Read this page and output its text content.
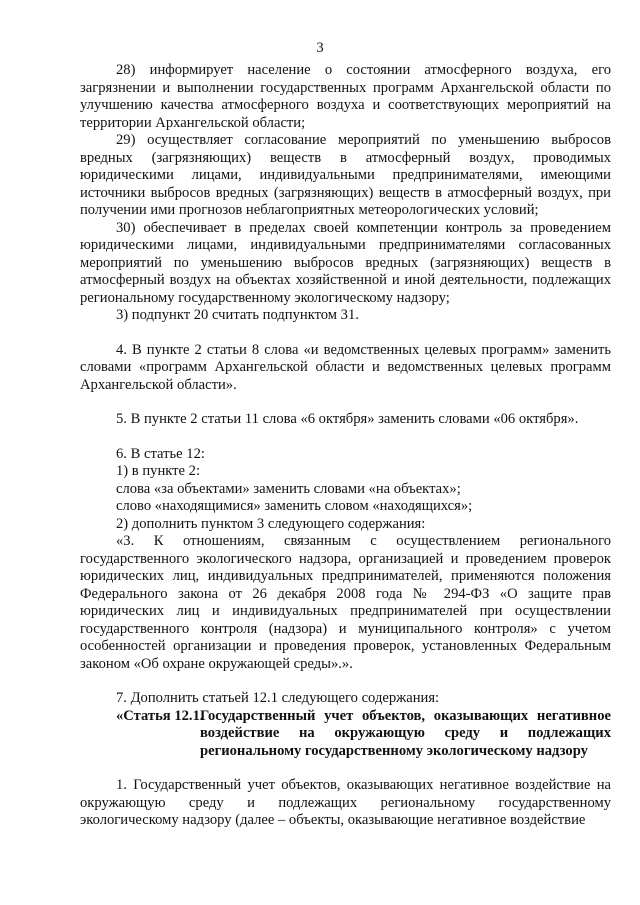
3

28) информирует население о состоянии атмосферного воздуха, его загрязнении и выполнении государственных программ Архангельской области по улучшению качества атмосферного воздуха и соответствующих мероприятий на территории Архангельской области;

29) осуществляет согласование мероприятий по уменьшению выбросов вредных (загрязняющих) веществ в атмосферный воздух, проводимых юридическими лицами, индивидуальными предпринимателями, имеющими источники выбросов вредных (загрязняющих) веществ в атмосферный воздух, при получении ими прогнозов неблагоприятных метеорологических условий;

30) обеспечивает в пределах своей компетенции контроль за проведением юридическими лицами, индивидуальными предпринимателями согласованных мероприятий по уменьшению выбросов вредных (загрязняющих) веществ в атмосферный воздух на объектах хозяйственной и иной деятельности, подлежащих региональному государственному экологическому надзору;

3) подпункт 20 считать подпунктом 31.

4. В пункте 2 статьи 8 слова «и ведомственных целевых программ» заменить словами «программ Архангельской области и ведомственных целевых программ Архангельской области».

5. В пункте 2 статьи 11 слова «6 октября» заменить словами «06 октября».

6. В статье 12:

1) в пункте 2:

слова «за объектами» заменить словами «на объектах»;

слово «находящимися» заменить словом «находящихся»;

2) дополнить пунктом 3 следующего содержания:

«3. К отношениям, связанным с осуществлением регионального государственного экологического надзора, организацией и проведением проверок юридических лиц, индивидуальных предпринимателей, применяются положения Федерального закона от 26 декабря 2008 года № 294-ФЗ «О защите прав юридических лиц и индивидуальных предпринимателей при осуществлении государственного контроля (надзора) и муниципального контроля» с учетом особенностей организации и проведения проверок, установленных Федеральным законом «Об охране окружающей среды».».

7. Дополнить статьей 12.1 следующего содержания:

«Статья 12.1.
Государственный учет объектов, оказывающих негативное воздействие на окружающую среду и подлежащих региональному государственному экологическому надзору

1. Государственный учет объектов, оказывающих негативное воздействие на окружающую среду и подлежащих региональному государственному экологическому надзору (далее – объекты, оказывающие негативное воздействие
